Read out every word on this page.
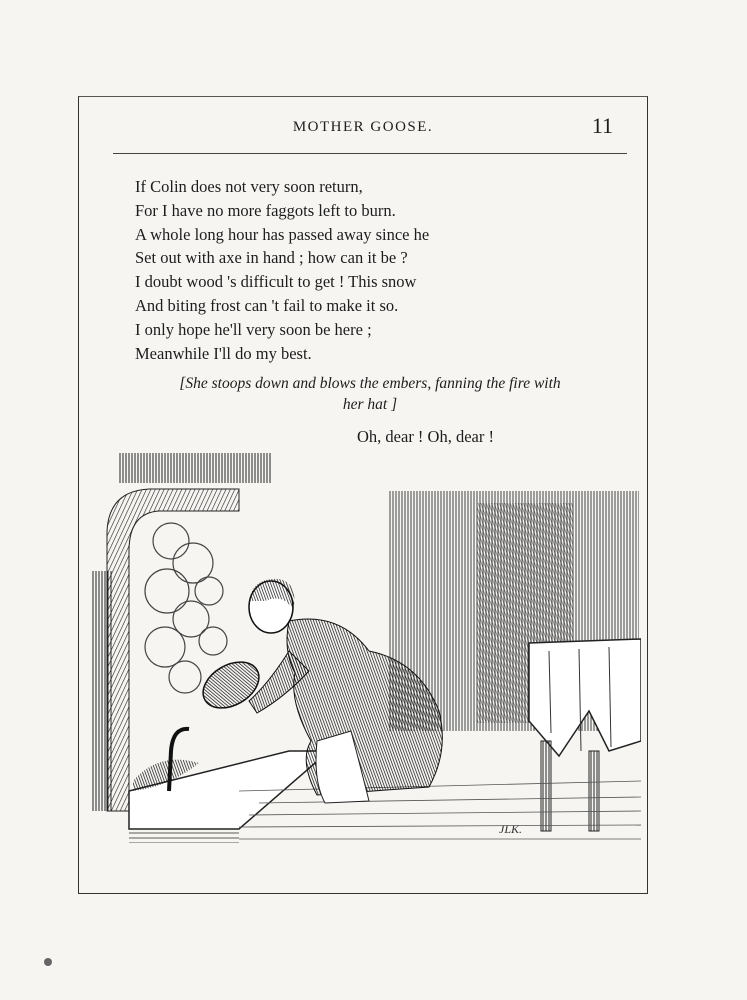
MOTHER GOOSE.	11
If Colin does not very soon return,
For I have no more faggots left to burn.
A whole long hour has passed away since he
Set out with axe in hand ; how can it be ?
I doubt wood 's difficult to get ! This snow
And biting frost can 't fail to make it so.
I only hope he'll very soon be here ;
Meanwhile I'll do my best.
[She stoops down and blows the embers, fanning the fire with
her hat ]
Oh, dear ! Oh, dear !
JLK.
